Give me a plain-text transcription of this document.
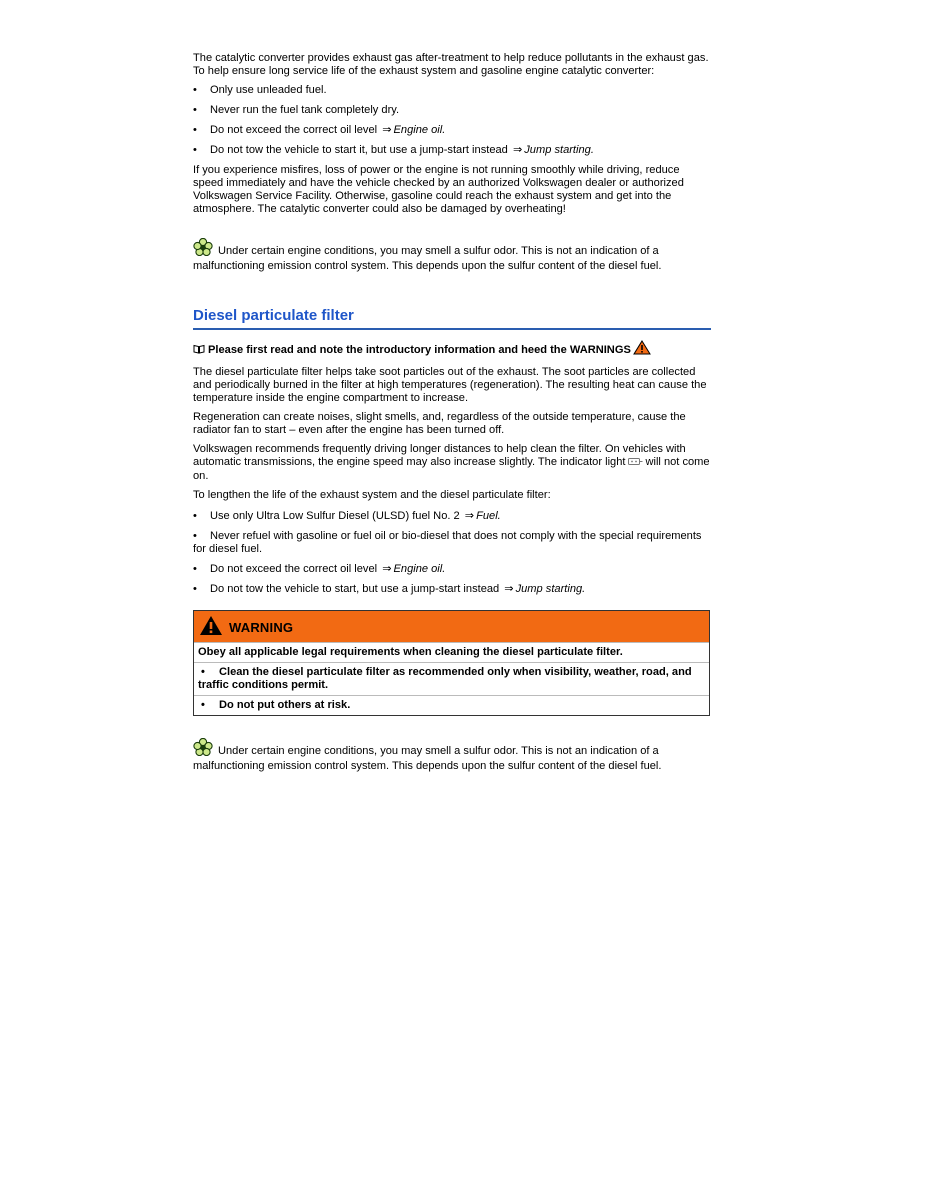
The catalytic converter provides exhaust gas after-treatment to help reduce pollutants in the exhaust gas. To help ensure long service life of the exhaust system and gasoline engine catalytic converter:

• Only use unleaded fuel.
• Never run the fuel tank completely dry.
• Do not exceed the correct oil level ⇒ Engine oil.
• Do not tow the vehicle to start it, but use a jump-start instead ⇒ Jump starting.

If you experience misfires, loss of power or the engine is not running smoothly while driving, reduce speed immediately and have the vehicle checked by an authorized Volkswagen dealer or authorized Volkswagen Service Facility. Otherwise, gasoline could reach the exhaust system and get into the atmosphere. The catalytic converter could also be damaged by overheating!

Under certain engine conditions, you may smell a sulfur odor. This is not an indication of a malfunctioning emission control system. This depends upon the sulfur content of the diesel fuel.

Diesel particulate filter

Please first read and note the introductory information and heed the WARNINGS

The diesel particulate filter helps take soot particles out of the exhaust. The soot particles are collected and periodically burned in the filter at high temperatures (regeneration). The resulting heat can cause the temperature inside the engine compartment to increase.

Regeneration can create noises, slight smells, and, regardless of the outside temperature, cause the radiator fan to start – even after the engine has been turned off.

Volkswagen recommends frequently driving longer distances to help clean the filter. On vehicles with automatic transmissions, the engine speed may also increase slightly. The indicator light will not come on.

To lengthen the life of the exhaust system and the diesel particulate filter:

• Use only Ultra Low Sulfur Diesel (ULSD) fuel No. 2 ⇒ Fuel.
• Never refuel with gasoline or fuel oil or bio-diesel that does not comply with the special requirements for diesel fuel.
• Do not exceed the correct oil level ⇒ Engine oil.
• Do not tow the vehicle to start, but use a jump-start instead ⇒ Jump starting.
WARNING
Obey all applicable legal requirements when cleaning the diesel particulate filter.
• Clean the diesel particulate filter as recommended only when visibility, weather, road, and traffic conditions permit.
• Do not put others at risk.

Under certain engine conditions, you may smell a sulfur odor. This is not an indication of a malfunctioning emission control system. This depends upon the sulfur content of the diesel fuel.
